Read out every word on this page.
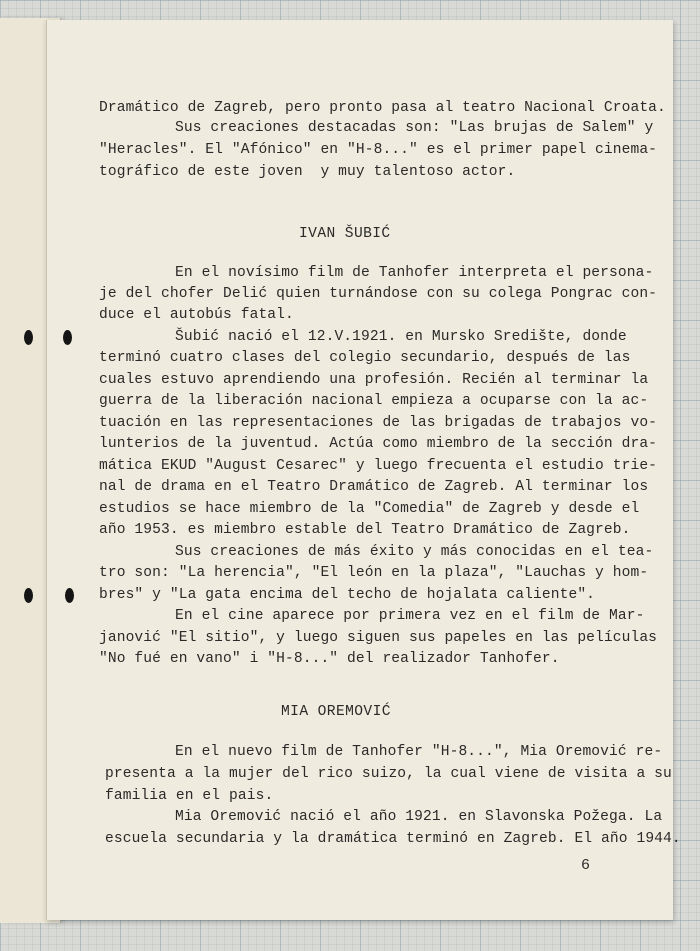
Dramático de Zagreb, pero pronto pasa al teatro Nacional Croata.
Sus creaciones destacadas son: "Las brujas de Salem" y
"Heracles". El "Afónico" en "H-8..." es el primer papel cinema-
tográfico de este joven  y muy talentoso actor.
IVAN ŠUBIĆ
En el novísimo film de Tanhofer interpreta el persona-
je del chofer Delić quien turnándose con su colega Pongrac con-
duce el autobús fatal.
Šubić nació el 12.V.1921. en Mursko Središte, donde
terminó cuatro clases del colegio secundario, después de las
cuales estuvo aprendiendo una profesión. Recién al terminar la
guerra de la liberación nacional empieza a ocuparse con la ac-
tuación en las representaciones de las brigadas de trabajos vo-
lunterios de la juventud. Actúa como miembro de la sección dra-
mática EKUD "August Cesarec" y luego frecuenta el estudio trie-
nal de drama en el Teatro Dramático de Zagreb. Al terminar los
estudios se hace miembro de la "Comedia" de Zagreb y desde el
año 1953. es miembro estable del Teatro Dramático de Zagreb.
Sus creaciones de más éxito y más conocidas en el tea-
tro son: "La herencia", "El león en la plaza", "Lauchas y hom-
bres" y "La gata encima del techo de hojalata caliente".
En el cine aparece por primera vez en el film de Mar-
janović "El sitio", y luego siguen sus papeles en las películas
"No fué en vano" i "H-8..." del realizador Tanhofer.
MIA OREMOVIĆ
En el nuevo film de Tanhofer "H-8...", Mia Oremović re-
presenta a la mujer del rico suizo, la cual viene de visita a su
familia en el pais.
Mia Oremović nació el año 1921. en Slavonska Požega. La
escuela secundaria y la dramática terminó en Zagreb. El año 1944.
6
